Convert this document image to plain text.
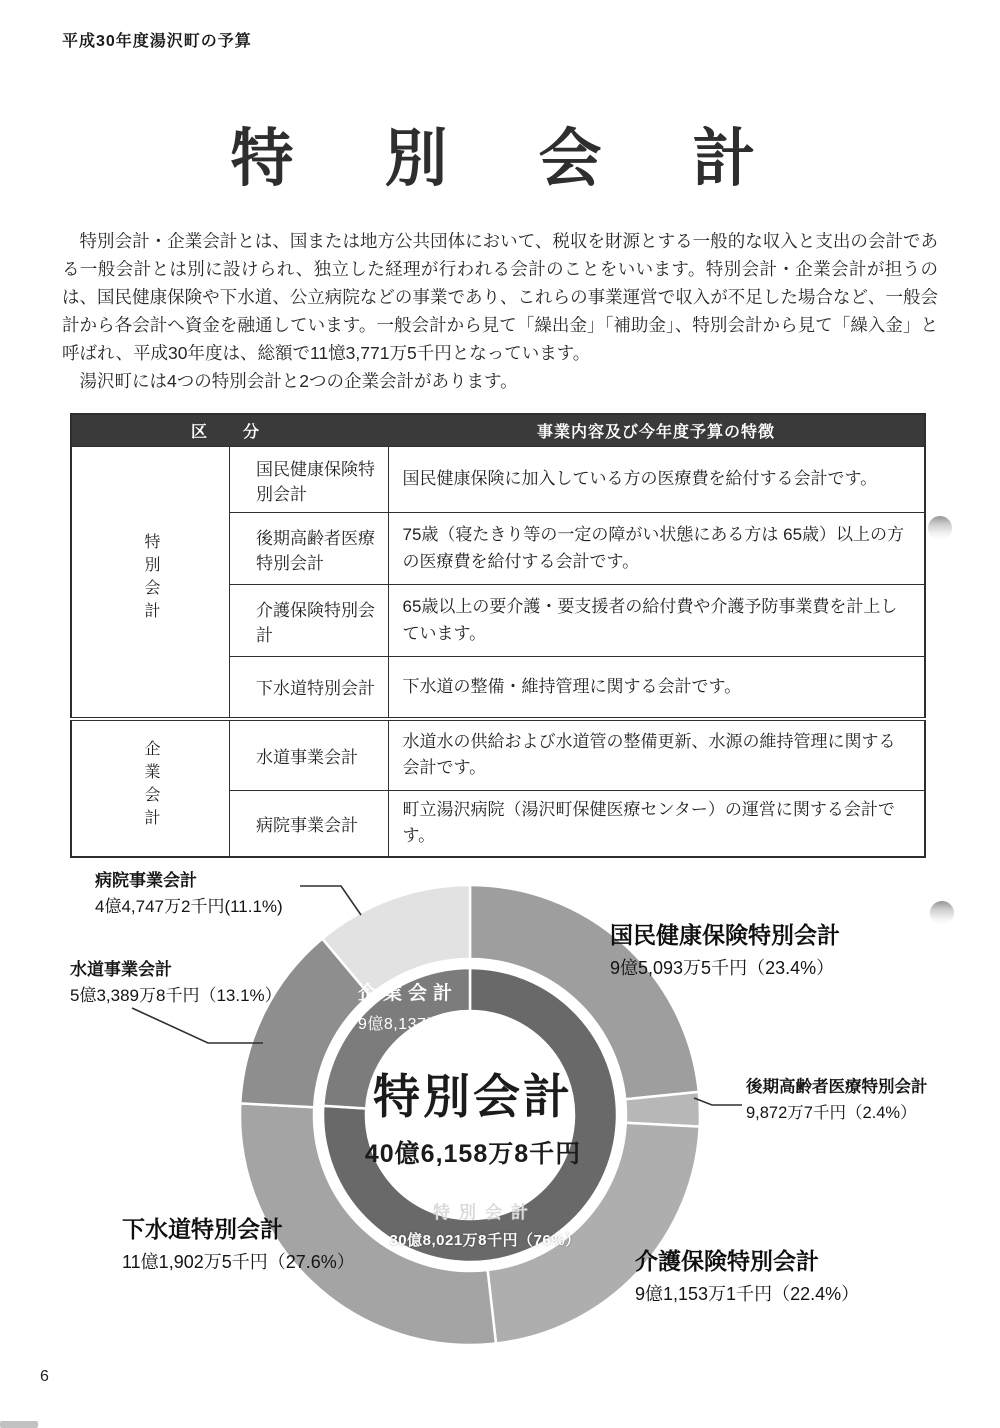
平成30年度湯沢町の予算
特　別　会　計

　特別会計・企業会計とは、国または地方公共団体において、税収を財源とする一般的な収入と支出の会計である一般会計とは別に設けられ、独立した経理が行われる会計のことをいいます。特別会計・企業会計が担うのは、国民健康保険や下水道、公立病院などの事業であり、これらの事業運営で収入が不足した場合など、一般会計から各会計へ資金を融通しています。一般会計から見て「繰出金」「補助金」、特別会計から見て「繰入金」と呼ばれ、平成30年度は、総額で11憶3,771万5千円となっています。

　湯沢町には4つの特別会計と2つの企業会計があります。

区　分		事業内容及び今年度予算の特徴
特別会計	国民健康保険特別会計	国民健康保険に加入している方の医療費を給付する会計です。
	後期高齢者医療特別会計	75歳（寝たきり等の一定の障がい状態にある方は 65歳）以上の方の医療費を給付する会計です。
	介護保険特別会計	65歳以上の要介護・要支援者の給付費や介護予防事業費を計上しています。
	下水道特別会計	下水道の整備・維持管理に関する会計です。
企業会計	水道事業会計	水道水の供給および水道管の整備更新、水源の維持管理に関する会計です。
	病院事業会計	町立湯沢病院（湯沢町保健医療センター）の運営に関する会計です。
病院事業会計
4億4,747万2千円(11.1%)
水道事業会計
5億3,389万8千円（13.1%）
国民健康保険特別会計
9億5,093万5千円（23.4%）
後期高齢者医療特別会計
9,872万7千円（2.4%）
下水道特別会計
11億1,902万5千円（27.6%）	介護保険特別会計
9億1,153万1千円（22.4%）
企業会計
9億8,137万円(24%)
特別会計
30億8,021万8千円（76%）
特別会計
40億6,158万8千円
6
